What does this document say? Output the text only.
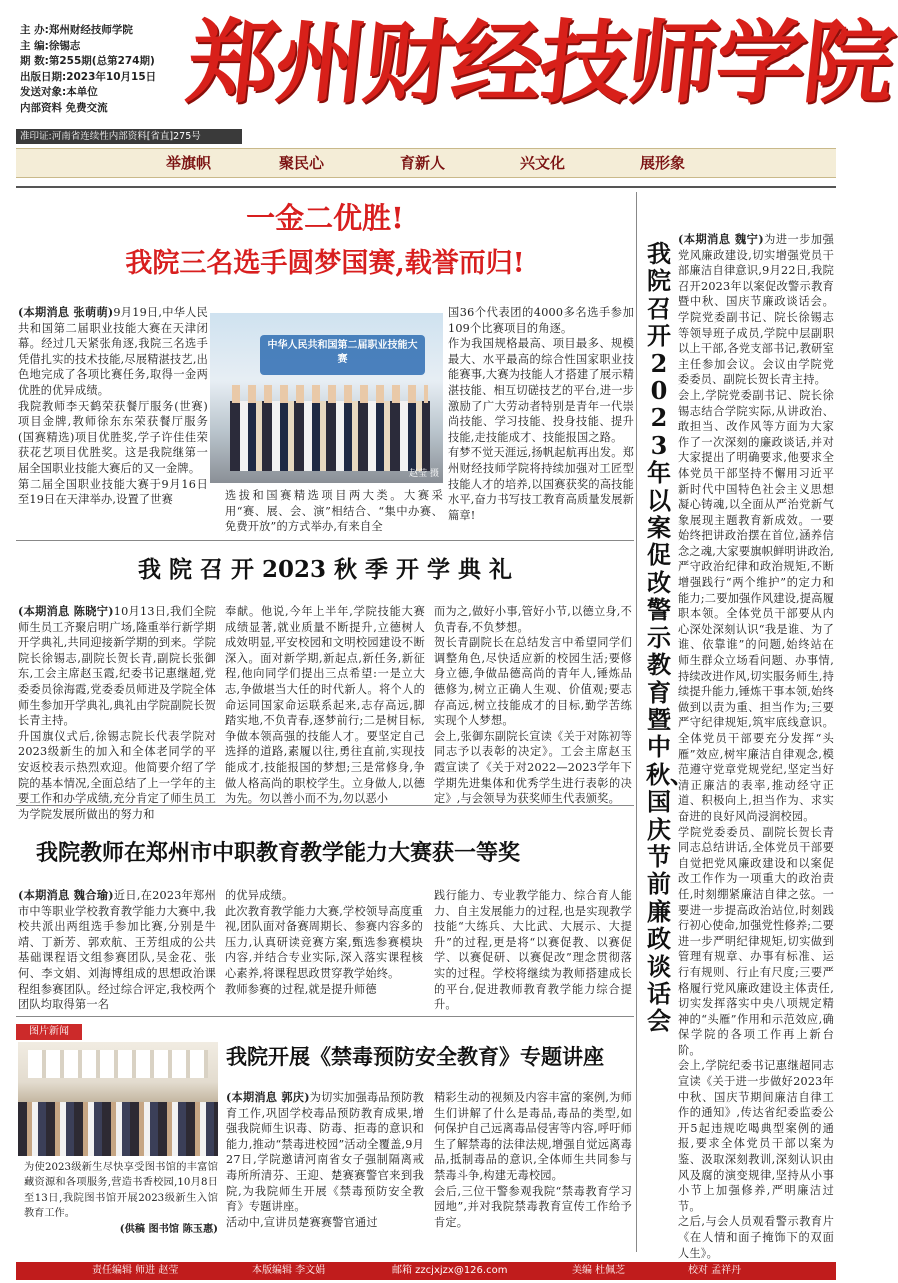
主 办:郑州财经技师学院
主 编:徐锡志
期 数:第255期(总第274期)
出版日期:2023年10月15日
发送对象:本单位
内部资料 免费交流
准印证:河南省连续性内部资料[省直]275号
郑州财经技师学院
举旗帜	聚民心	育新人	兴文化	展形象
一金二优胜!
我院三名选手圆梦国赛,载誉而归!
(本期消息 张萌萌)9月19日,中华人民共和国第二届职业技能大赛在天津闭幕。经过几天紧张角逐,我院三名选手凭借扎实的技术技能,尽展精湛技艺,出色地完成了各项比赛任务,取得一金两优胜的优异成绩。
我院教师李天鹤荣获餐厅服务(世赛)项目金牌,教师徐东东荣获餐厅服务(国赛精选)项目优胜奖,学子许佳佳荣获花艺项目优胜奖。这是我院继第一届全国职业技能大赛后的又一金牌。
第二届全国职业技能大赛于9月16日至19日在天津举办,设置了世赛
中华人民共和国第二届职业技能大赛
赵莹 摄
选拔和国赛精选项目两大类。大赛采用“赛、展、会、演”相结合、“集中办赛、免费开放”的方式举办,有来自全
国36个代表团的4000多名选手参加109个比赛项目的角逐。
作为我国规格最高、项目最多、规模最大、水平最高的综合性国家职业技能赛事,大赛为技能人才搭建了展示精湛技能、相互切磋技艺的平台,进一步激励了广大劳动者特别是青年一代崇尚技能、学习技能、投身技能、提升技能,走技能成才、技能报国之路。
有梦不觉天涯远,扬帆起航再出发。郑州财经技师学院将持续加强对工匠型技能人才的培养,以国赛获奖的高技能水平,奋力书写技工教育高质量发展新篇章!
我 院 召 开 2023 秋 季 开 学 典 礼
(本期消息 陈晓宁)10月13日,我们全院师生员工齐聚启明广场,隆重举行新学期开学典礼,共同迎接新学期的到来。学院院长徐锡志,副院长贺长青,副院长张御东,工会主席赵玉霞,纪委书记惠继超,党委委员徐海霞,党委委员师进及学院全体师生参加开学典礼,典礼由学院副院长贺长青主持。
升国旗仪式后,徐锡志院长代表学院对2023级新生的加入和全体老同学的平安返校表示热烈欢迎。他简要介绍了学院的基本情况,全面总结了上一学年的主要工作和办学成绩,充分肯定了师生员工为学院发展所做出的努力和
奉献。他说,今年上半年,学院技能大赛成绩显著,就业质量不断提升,立德树人成效明显,平安校园和文明校园建设不断深入。面对新学期,新起点,新任务,新征程,他向同学们提出三点希望:一是立大志,争做堪当大任的时代新人。将个人的命运同国家命运联系起来,志存高远,脚踏实地,不负青春,逐梦前行;二是树目标,争做本领高强的技能人才。要坚定自己选择的道路,素履以往,勇往直前,实现技能成才,技能报国的梦想;三是常修身,争做人格高尚的职校学生。立身做人,以德为先。勿以善小而不为,勿以恶小
而为之,做好小事,管好小节,以德立身,不负青春,不负梦想。
贺长青副院长在总结发言中希望同学们调整角色,尽快适应新的校园生活;要修身立德,争做品德高尚的青年人,锤炼品德修为,树立正确人生观、价值观;要志存高远,树立技能成才的目标,勤学苦练实现个人梦想。
会上,张御东副院长宣读《关于对陈初等同志予以表彰的决定》。工会主席赵玉霞宣读了《关于对2022—2023学年下学期先进集体和优秀学生进行表彰的决定》,与会领导为获奖师生代表颁奖。
我院教师在郑州市中职教育教学能力大赛获一等奖
(本期消息 魏合瑜)近日,在2023年郑州市中等职业学校教育教学能力大赛中,我校共派出两组选手参加比赛,分别是牛靖、丁新芳、郭欢航、王芳组成的公共基础课程语文组参赛团队,吴金花、张何、李文娟、刘海博组成的思想政治课程组参赛团队。经过综合评定,我校两个团队均取得第一名
的优异成绩。
此次教育教学能力大赛,学校领导高度重视,团队面对备赛周期长、参赛内容多的压力,认真研读竞赛方案,甄选参赛模块内容,并结合专业实际,深入落实课程核心素养,将课程思政贯穿教学始终。
教师参赛的过程,就是提升师德
践行能力、专业教学能力、综合育人能力、自主发展能力的过程,也是实现教学技能“大练兵、大比武、大展示、大提升”的过程,更是将“以赛促教、以赛促学、以赛促研、以赛促改”理念贯彻落实的过程。学校将继续为教师搭建成长的平台,促进教师教育教学能力综合提升。
图片新闻
为使2023级新生尽快享受图书馆的丰富馆藏资源和各项服务,营造书香校园,10月8日至13日,我院图书馆开展2023级新生入馆教育工作。
(供稿 图书馆 陈玉惠)
我院开展《禁毒预防安全教育》专题讲座
(本期消息 郭庆)为切实加强毒品预防教育工作,巩固学校毒品预防教育成果,增强我院师生识毒、防毒、拒毒的意识和能力,推动“禁毒进校园”活动全覆盖,9月27日,学院邀请河南省女子强制隔离戒毒所所清芬、王迎、楚赛赛警官来到我院,为我院师生开展《禁毒预防安全教育》专题讲座。
活动中,宣讲员楚赛赛警官通过
精彩生动的视频及内容丰富的案例,为师生们讲解了什么是毒品,毒品的类型,如何保护自己远离毒品侵害等内容,呼吁师生了解禁毒的法律法规,增强自觉远离毒品,抵制毒品的意识,全体师生共同参与禁毒斗争,构建无毒校园。
会后,三位干警参观我院“禁毒教育学习园地”,并对我院禁毒教育宣传工作给予肯定。
我院召开2023年以案促改警示教育暨中秋、国庆节前廉政谈话会
(本期消息 魏宁)为进一步加强党风廉政建设,切实增强党员干部廉洁自律意识,9月22日,我院召开2023年以案促改警示教育暨中秋、国庆节廉政谈话会。学院党委副书记、院长徐锡志等领导班子成员,学院中层副职以上干部,各党支部书记,教研室主任参加会议。会议由学院党委委员、副院长贺长青主持。
会上,学院党委副书记、院长徐锡志结合学院实际,从讲政治、敢担当、改作风等方面为大家作了一次深刻的廉政谈话,并对大家提出了明确要求,他要求全体党员干部坚持不懈用习近平新时代中国特色社会主义思想凝心铸魂,以全面从严治党新气象展现主题教育新成效。一要始终把讲政治摆在首位,涵养信念之魂,大家要旗帜鲜明讲政治,严守政治纪律和政治规矩,不断增强践行“两个维护”的定力和能力;二要加强作风建设,提高履职本领。全体党员干部要从内心深处深刻认识“我是谁、为了谁、依靠谁”的问题,始终站在师生群众立场看问题、办事情,持续改进作风,切实服务师生,持续提升能力,锤炼干事本领,始终做到以责为重、担当作为;三要严守纪律规矩,筑牢底线意识。全体党员干部要充分发挥“头雁”效应,树牢廉洁自律观念,模范遵守党章党规党纪,坚定当好清正廉洁的表率,推动经守正道、积极向上,担当作为、求实奋进的良好风尚浸润校园。
学院党委委员、副院长贺长青同志总结讲话,全体党员干部要自觉把党风廉政建设和以案促改工作作为一项重大的政治责任,时刻绷紧廉洁自律之弦。一要进一步提高政治站位,时刻践行初心使命,加强党性修养;二要进一步严明纪律规矩,切实做到管理有规章、办事有标准、运行有规则、行止有尺度;三要严格履行党风廉政建设主体责任,切实发挥落实中央八项规定精神的“头雁”作用和示范效应,确保学院的各项工作再上新台阶。
会上,学院纪委书记惠继超同志宣读《关于进一步做好2023年中秋、国庆节期间廉洁自律工作的通知》,传达省纪委监委公开5起违规吃喝典型案例的通报,要求全体党员干部以案为鉴、汲取深刻教训,深刻认识由风及腐的演变规律,坚持从小事小节上加强修养,严明廉洁过节。
之后,与会人员观看警示教育片《在人情和面子掩饰下的双面人生》。
责任编辑 师进 赵莹	本版编辑 李文娟	邮箱 zzcjxjzx@126.com	美编 杜佩芝	校对 孟祥丹
